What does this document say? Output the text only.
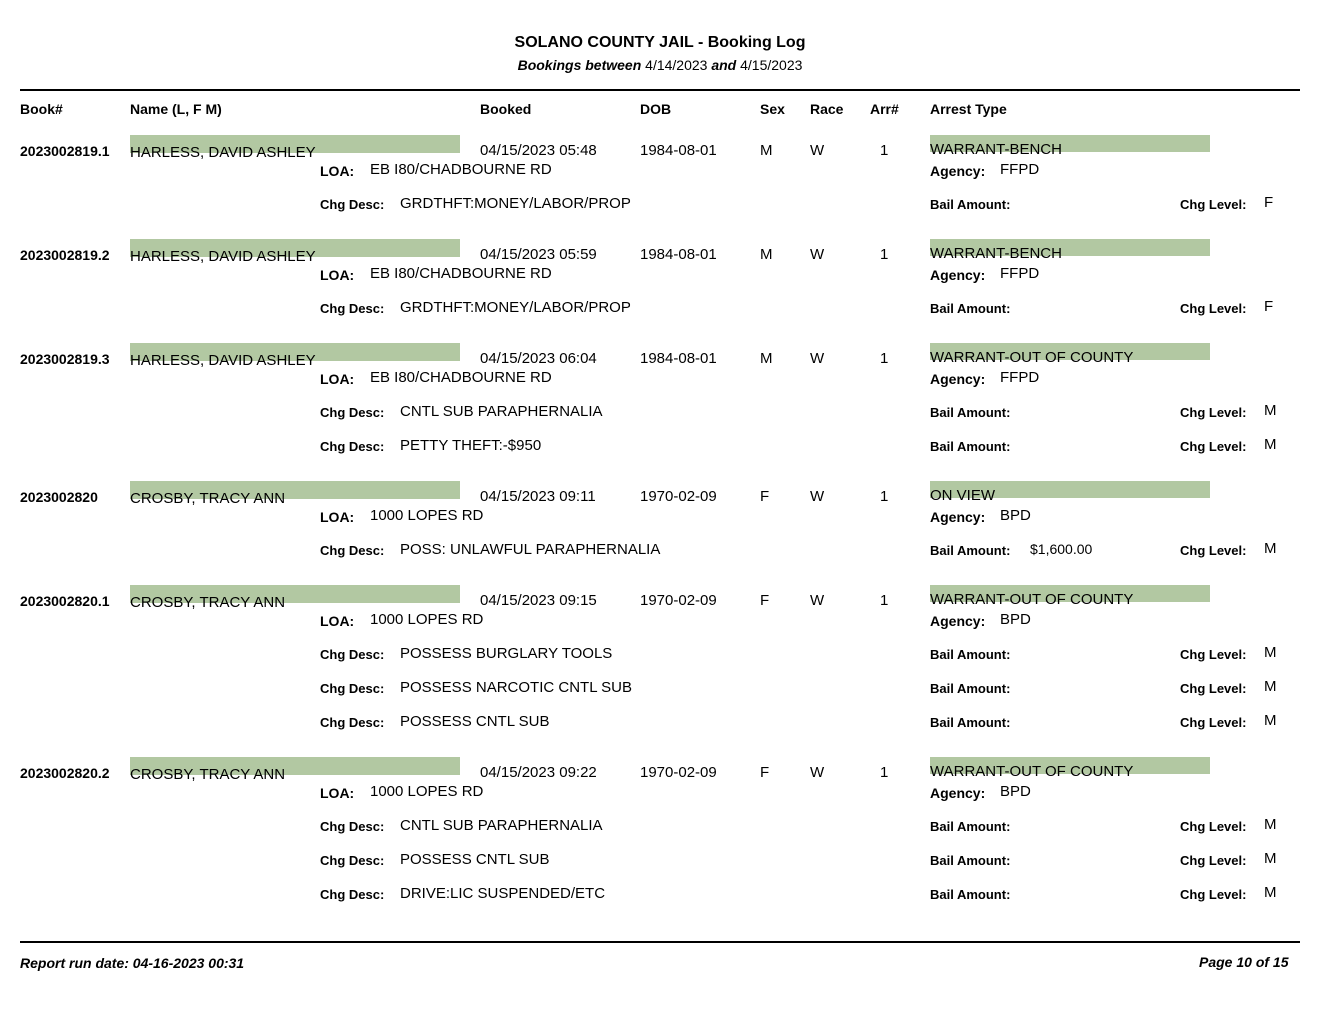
SOLANO COUNTY JAIL - Booking Log
Bookings between 4/14/2023 and 4/15/2023
Book#	Name (L, F M)	Booked	DOB	Sex Race Arr# Arrest Type
2023002819.1 HARLESS, DAVID ASHLEY	04/15/2023 05:48	1984-08-01	M	W	1	WARRANT-BENCH
LOA: EB I80/CHADBOURNE RD	Agency: FFPD
Chg Desc: GRDTHFT:MONEY/LABOR/PROP	Bail Amount:	Chg Level: F
2023002819.2 HARLESS, DAVID ASHLEY	04/15/2023 05:59	1984-08-01	M	W	1	WARRANT-BENCH
LOA: EB I80/CHADBOURNE RD	Agency: FFPD
Chg Desc: GRDTHFT:MONEY/LABOR/PROP	Bail Amount:	Chg Level: F
2023002819.3 HARLESS, DAVID ASHLEY	04/15/2023 06:04	1984-08-01	M	W	1	WARRANT-OUT OF COUNTY
LOA: EB I80/CHADBOURNE RD	Agency: FFPD
Chg Desc: CNTL SUB PARAPHERNALIA	Bail Amount:	Chg Level: M
Chg Desc: PETTY THEFT:-$950	Bail Amount:	Chg Level: M
2023002820 CROSBY, TRACY ANN	04/15/2023 09:11	1970-02-09	F	W	1	ON VIEW
LOA: 1000 LOPES RD	Agency: BPD
Chg Desc: POSS: UNLAWFUL PARAPHERNALIA	Bail Amount: $1,600.00	Chg Level: M
2023002820.1 CROSBY, TRACY ANN	04/15/2023 09:15	1970-02-09	F	W	1	WARRANT-OUT OF COUNTY
LOA: 1000 LOPES RD	Agency: BPD
Chg Desc: POSSESS BURGLARY TOOLS	Bail Amount:	Chg Level: M
Chg Desc: POSSESS NARCOTIC CNTL SUB	Bail Amount:	Chg Level: M
Chg Desc: POSSESS CNTL SUB	Bail Amount:	Chg Level: M
2023002820.2 CROSBY, TRACY ANN	04/15/2023 09:22	1970-02-09	F	W	1	WARRANT-OUT OF COUNTY
LOA: 1000 LOPES RD	Agency: BPD
Chg Desc: CNTL SUB PARAPHERNALIA	Bail Amount:	Chg Level: M
Chg Desc: POSSESS CNTL SUB	Bail Amount:	Chg Level: M
Chg Desc: DRIVE:LIC SUSPENDED/ETC	Bail Amount:	Chg Level: M
Report run date: 04-16-2023 00:31	Page 10 of 15
